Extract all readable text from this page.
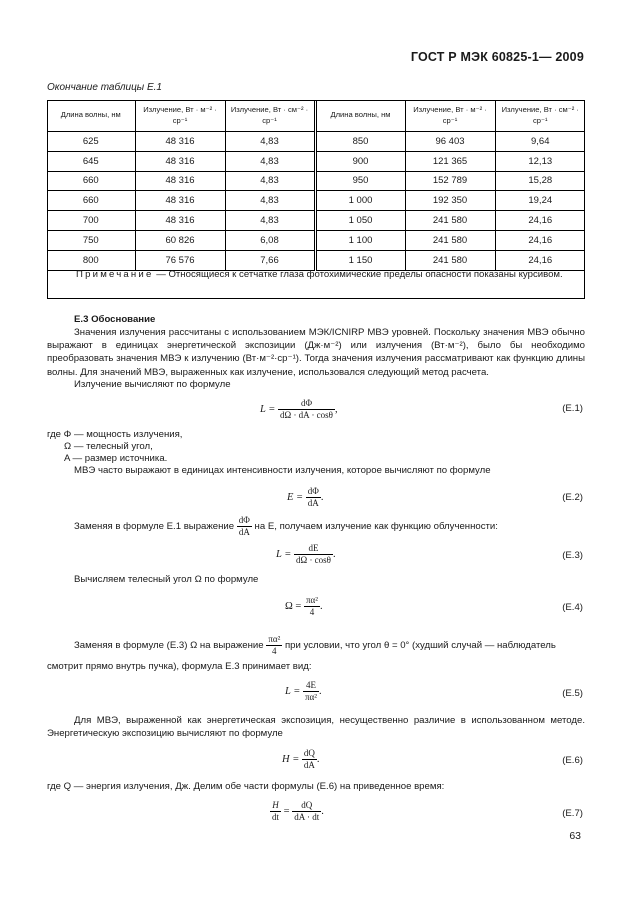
ГОСТ Р МЭК 60825-1— 2009
Окончание таблицы Е.1
Длина волны, нм	Излучение, Вт · м⁻² · ср⁻¹	Излучение, Вт · см⁻² · ср⁻¹	Длина волны, нм	Излучение, Вт · м⁻² · ср⁻¹	Излучение, Вт · см⁻² · ср⁻¹
625	48 316	4,83	850	96 403	9,64
645	48 316	4,83	900	121 365	12,13
660	48 316	4,83	950	152 789	15,28
660	48 316	4,83	1 000	192 350	19,24
700	48 316	4,83	1 050	241 580	24,16
750	60 826	6,08	1 100	241 580	24,16
800	76 576	7,66	1 150	241 580	24,16
Примечание — Относящиеся к сетчатке глаза фотохимические пределы опасности показаны курсивом.
Е.3 Обоснование
Значения излучения рассчитаны с использованием МЭК/ICNIRP МВЭ уровней. Поскольку значения МВЭ обычно выражают в единицах энергетической экспозиции (Дж·м⁻²) или излучения (Вт·м⁻²), было бы необходимо преобразовать значения МВЭ к излучению (Вт·м⁻²·ср⁻¹). Тогда значения излучения рассматривают как функцию длины волны. Для значений МВЭ, выраженных как излучение, использовался следующий метод расчета.
Излучение вычисляют по формуле
$L = \frac{d\Phi}{d\Omega \cdot dA \cdot \cos\theta}$ ,	(Е.1)
где Φ — мощность излучения,
Ω — телесный угол,
A — размер источника.
МВЭ часто выражают в единицах интенсивности излучения, которое вычисляют по формуле
$E = \frac{d\Phi}{dA}$ .	(Е.2)
Заменяя в формуле Е.1 выражение $\frac{d\Phi}{dA}$ на E, получаем излучение как функцию облученности:
$L = \frac{dE}{d\Omega \cdot \cos\theta}$ .	(Е.3)
Вычисляем телесный угол Ω по формуле
$\Omega = \frac{\text{πα²}}{4}$ .	(Е.4)
Заменяя в формуле (Е.3) Ω на выражение $\frac{\text{πα²}}{4}$ при условии, что угол θ = 0° (худший случай — наблюдатель
смотрит прямо внутрь пучка), формула Е.3 принимает вид:
$L = \frac{4E}{\text{πα²}}$ .	(Е.5)
Для МВЭ, выраженной как энергетическая экспозиция, несущественно различие в использованном методе. Энергетическую экспозицию вычисляют по формуле
$H = \frac{dQ}{dA}$ .	(Е.6)
где Q — энергия излучения, Дж. Делим обе части формулы (Е.6) на приведенное время:
$\frac{H}{dt} = \frac{dQ}{dA \cdot dt}$ .	(Е.7)
63
